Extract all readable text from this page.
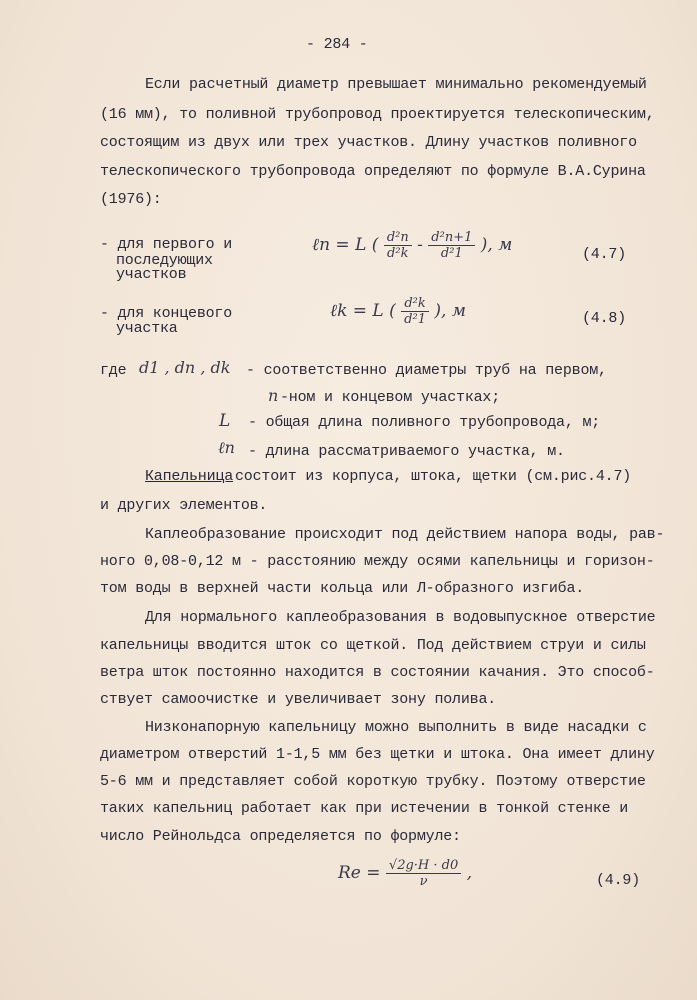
- 284 -
Если расчетный диаметр превышает минимально рекомендуемый
(16 мм), то поливной трубопровод проектируется телескопическим,
состоящим из двух или трех участков. Длину участков поливного
телескопического трубопровода определяют по формуле В.А.Сурина
(1976):
- для первого и
последующих
участков
ℓn = L ( $\frac{\text{d²n}}{\text{d²k}} - \frac{\text{d²n+1}}{\text{d²1}}$ ), м	(4.7)
- для концевого
участка
ℓk = L ( $\frac{\text{d²k}}{\text{d²1}}$ ), м	(4.8)
где d1 , dn , dk - соответственно диаметры труб на первом,
n -ном и концевом участках;
L - общая длина поливного трубопровода, м;
ℓn - длина рассматриваемого участка, м.
Капельница состоит из корпуса, штока, щетки (см.рис.4.7)
и других элементов.
Каплеобразование происходит под действием напора воды, рав-
ного 0,08-0,12 м - расстоянию между осями капельницы и горизон-
том воды в верхней части кольца или Л-образного изгиба.
Для нормального каплеобразования в водовыпускное отверстие
капельницы вводится шток со щеткой. Под действием струи и силы
ветра шток постоянно находится в состоянии качания. Это способ-
ствует самоочистке и увеличивает зону полива.
Низконапорную капельницу можно выполнить в виде насадки с
диаметром отверстий 1-1,5 мм без щетки и штока. Она имеет длину
5-6 мм и представляет собой короткую трубку. Поэтому отверстие
таких капельниц работает как при истечении в тонкой стенке и
число Рейнольдса определяется по формуле:
$Re = \frac{√2g\cdot H \cdot d0}{\nu}$ ,	(4.9)
